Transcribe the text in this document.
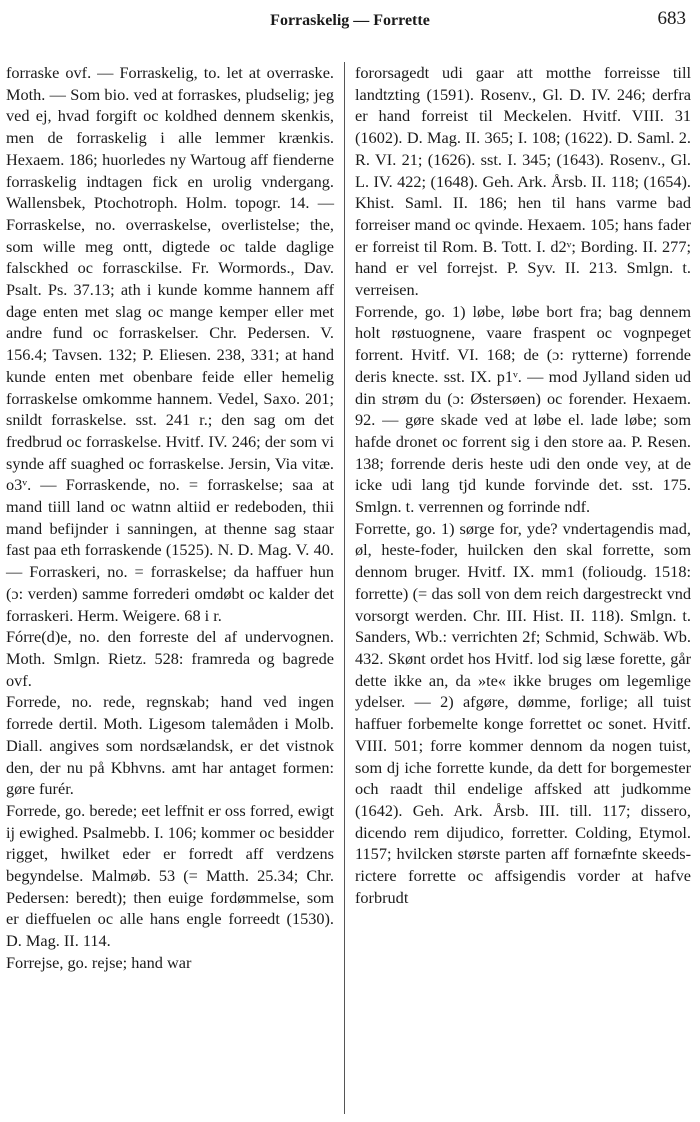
Forraskelig — Forrette	683

forraske ovf. — Forraskelig, to. let at overraske. Moth. — Som bio. ved at forraskes, pludselig; jeg ved ej, hvad forgift oc koldhed dennem skenkis, men de forraskelig i alle lemmer krænkis. Hexaem. 186; huorledes ny Wartoug aff fienderne forraskelig indtagen fick en urolig vndergang. Wallensbek, Ptochotroph. Holm. topogr. 14. — Forraskelse, no. overraskelse, overlistelse; the, som wille meg ontt, digtede oc talde daglige falsckhed oc forrasckilse. Fr. Wormords., Dav. Psalt. Ps. 37.13; ath i kunde komme hannem aff dage enten met slag oc mange kemper eller met andre fund oc forraskelser. Chr. Pedersen. V. 156.4; Tavsen. 132; P. Eliesen. 238, 331; at hand kunde enten met obenbare feide eller hemelig forraskelse omkomme hannem. Vedel, Saxo. 201; snildt forraskelse. sst. 241 r.; den sag om det fredbrud oc forraskelse. Hvitf. IV. 246; der som vi synde aff suaghed oc forraskelse. Jersin, Via vitæ. o3ᵛ. — Forraskende, no. = forraskelse; saa at mand tiill land oc watnn altiid er redeboden, thii mand befijnder i sanningen, at thenne sag staar fast paa eth forraskende (1525). N. D. Mag. V. 40. — Forraskeri, no. = forraskelse; da haffuer hun (ɔ: verden) samme forrederi omdøbt oc kalder det forraskeri. Herm. Weigere. 68 i r.

Fórre(d)e, no. den forreste del af undervognen. Moth. Smlgn. Rietz. 528: framreda og bagrede ovf.

Forrede, no. rede, regnskab; hand ved ingen forrede dertil. Moth. Ligesom talemåden i Molb. Diall. angives som nordsælandsk, er det vistnok den, der nu på Kbhvns. amt har antaget formen: gøre furér.

Forrede, go. berede; eet leffnit er oss forred, ewigt ij ewighed. Psalmebb. I. 106; kommer oc besidder rigget, hwilket eder er forredt aff verdzens begyndelse. Malmøb. 53 (= Matth. 25.34; Chr. Pedersen: beredt); then euige fordømmelse, som er dieffuelen oc alle hans engle forreedt (1530). D. Mag. II. 114.

Forrejse, go. rejse; hand war

fororsagedt udi gaar att motthe forreisse till landtzting (1591). Rosenv., Gl. D. IV. 246; derfra er hand forreist til Meckelen. Hvitf. VIII. 31 (1602). D. Mag. II. 365; I. 108; (1622). D. Saml. 2. R. VI. 21; (1626). sst. I. 345; (1643). Rosenv., Gl. L. IV. 422; (1648). Geh. Ark. Årsb. II. 118; (1654). Khist. Saml. II. 186; hen til hans varme bad forreiser mand oc qvinde. Hexaem. 105; hans fader er forreist til Rom. B. Tott. I. d2ᵛ; Bording. II. 277; hand er vel forrejst. P. Syv. II. 213. Smlgn. t. verreisen.

Forrende, go. 1) løbe, løbe bort fra; bag dennem holt røstuognene, vaare fraspent oc vognpeget forrent. Hvitf. VI. 168; de (ɔ: rytterne) forrende deris knecte. sst. IX. p1ᵛ. — mod Jylland siden ud din strøm du (ɔ: Østersøen) oc forender. Hexaem. 92. — gøre skade ved at løbe el. lade løbe; som hafde dronet oc forrent sig i den store aa. P. Resen. 138; forrende deris heste udi den onde vey, at de icke udi lang tjd kunde forvinde det. sst. 175. Smlgn. t. verrennen og forrinde ndf.

Forrette, go. 1) sørge for, yde? vndertagendis mad, øl, heste-foder, huilcken den skal forrette, som dennom bruger. Hvitf. IX. mm1 (folioudg. 1518: forrette) (= das soll von dem reich dargestreckt vnd vorsorgt werden. Chr. III. Hist. II. 118). Smlgn. t. Sanders, Wb.: verrichten 2f; Schmid, Schwäb. Wb. 432. Skønt ordet hos Hvitf. lod sig læse forette, går dette ikke an, da »te« ikke bruges om legemlige ydelser. — 2) afgøre, dømme, forlige; all tuist haffuer forbemelte konge forrettet oc sonet. Hvitf. VIII. 501; forre kommer dennom da nogen tuist, som dj iche forrette kunde, da dett for borgemester och raadt thil endelige affsked att judkomme (1642). Geh. Ark. Årsb. III. till. 117; dissero, dicendo rem dijudico, forretter. Colding, Etymol. 1157; hvilcken største parten aff fornæfnte skeeds-rictere forrette oc affsigendis vorder at hafve forbrudt
